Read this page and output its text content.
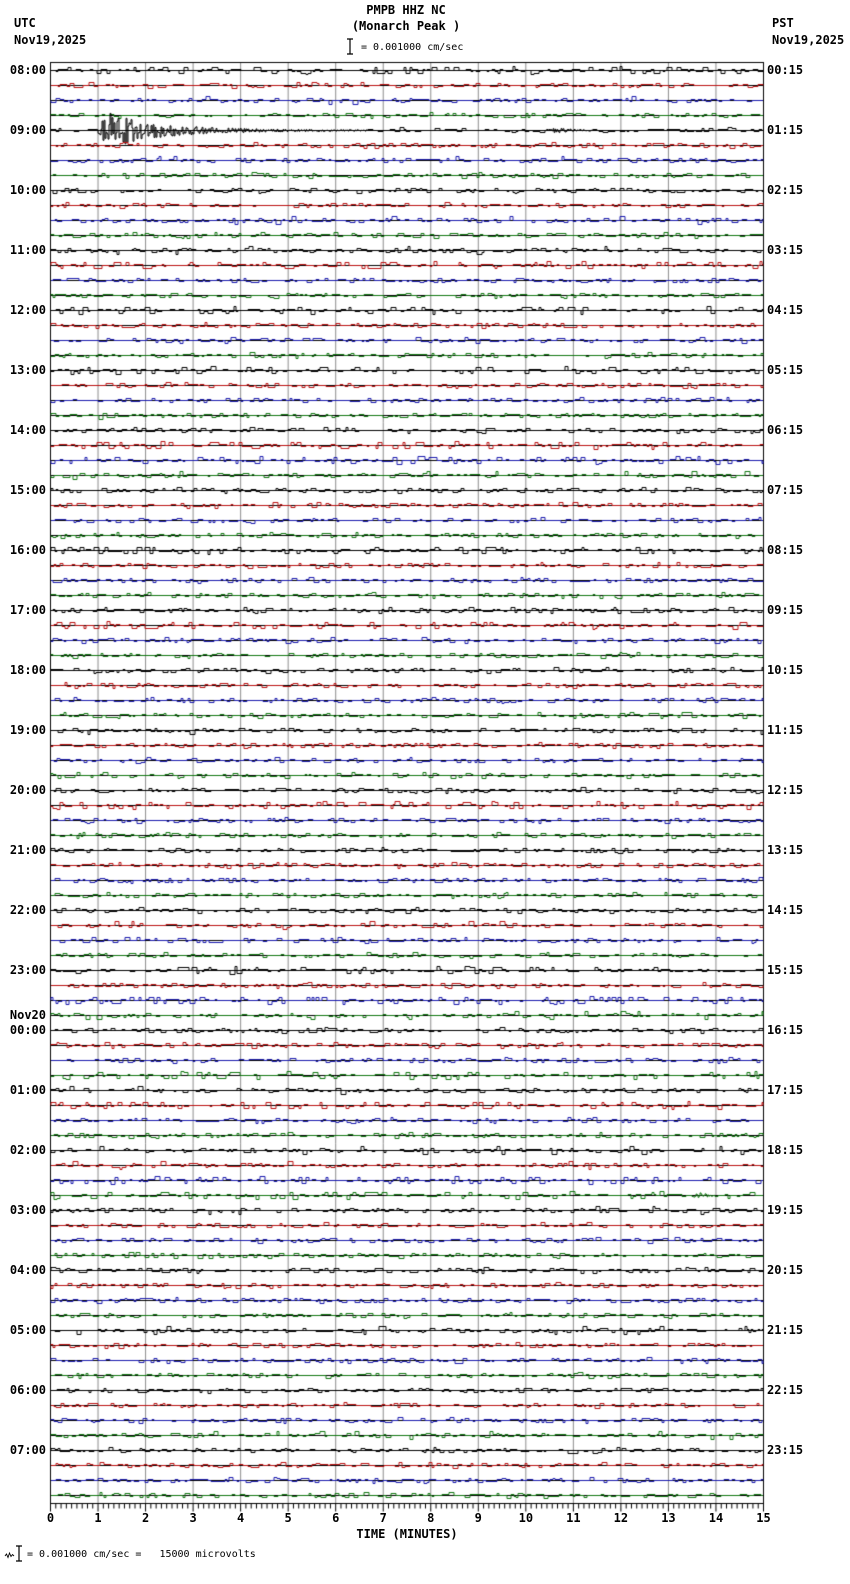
UTC
Nov19,2025
PST
Nov19,2025
PMPB HHZ NC
(Monarch Peak )
= 0.001000 cm/sec
08:00
09:00
10:00
11:00
12:00
13:00
14:00
15:00
16:00
17:00
18:00
19:00
20:00
21:00
22:00
23:00
Nov20
00:00
01:00
02:00
03:00
04:00
05:00
06:00
07:00
00:15
01:15
02:15
03:15
04:15
05:15
06:15
07:15
08:15
09:15
10:15
11:15
12:15
13:15
14:15
15:15
16:15
17:15
18:15
19:15
20:15
21:15
22:15
23:15
0	1	2	3	4	5	6	7	8	9	10	11	12	13	14	15
TIME (MINUTES)
= 0.001000 cm/sec =   15000 microvolts
